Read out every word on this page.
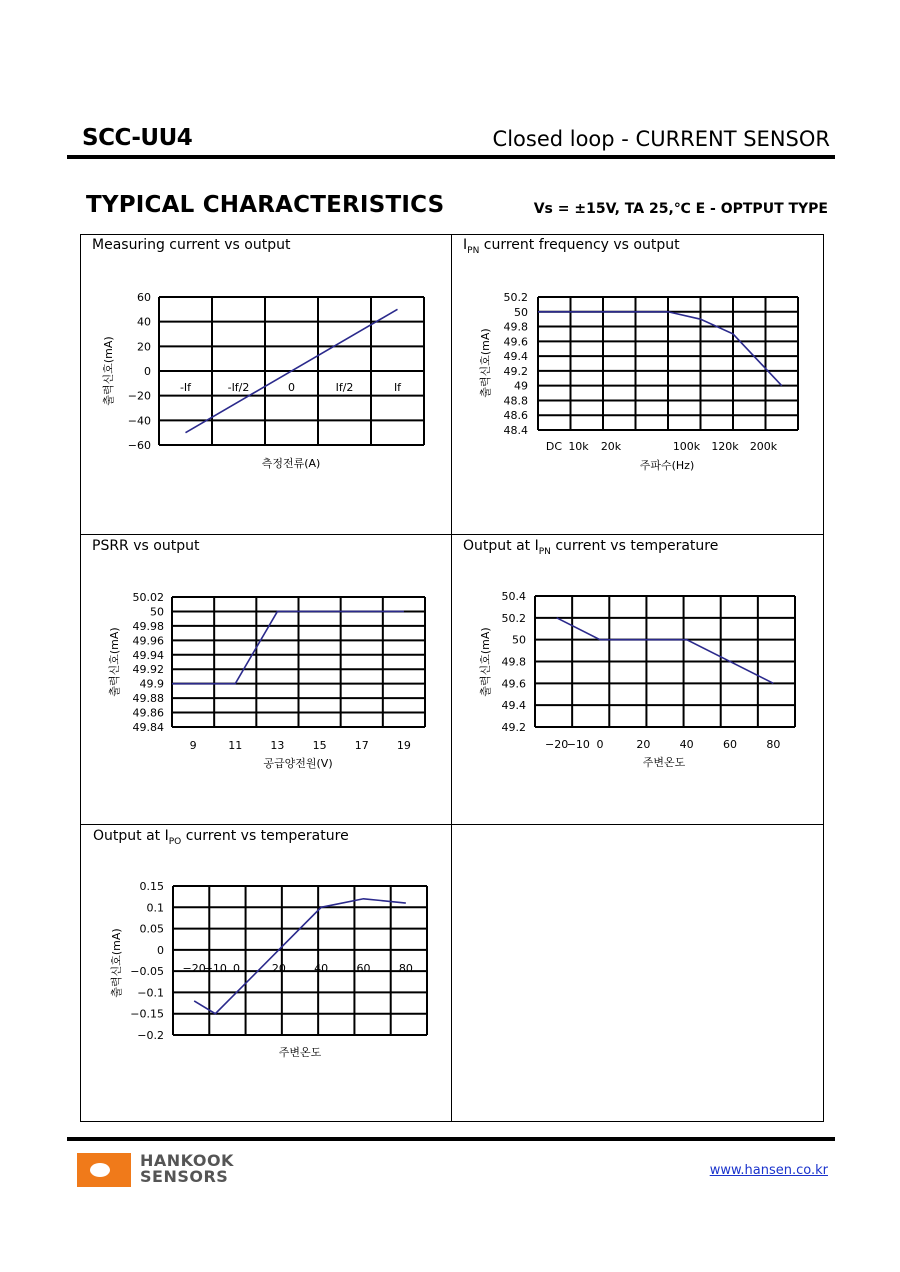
SCC-UU4	Closed loop - CURRENT SENSOR
TYPICAL CHARACTERISTICS	Vs = ±15V, TA 25,℃ E - OPTPUT TYPE
Measuring current vs output	$I_{PN}$ current frequency vs output
PSRR vs output	Output at $I_{PN}$ current vs temperature
Output at $I_{PO}$ current vs temperature
60
40
20
0
−20
−40
−60
-If	-If/2	0	If/2	If
측정전류(A)
출력신호(mA)
50.2
50
49.8
49.6
49.4
49.2
49
48.8
48.6
48.4
DC 10k 20k	100k 120k 200k
주파수(Hz)
출력신호(mA)
50.02
50
49.98
49.96
49.94
49.92
49.9
49.88
49.86
49.84
9	11	13	15	17	19
공급양전원(V)
출력신호(mA)
50.4
50.2
50
49.8
49.6
49.4
49.2
−20
−10 0	20	40	60	80
주변온도
출력신호(mA)
0.15
0.1
0.05
0
−0.05
−0.1
−0.15
−0.2
−20
−10 0	20	40	60	80
주변온도
출력신호(mA)
HANKOOK
SENSORS	www.hansen.co.kr
